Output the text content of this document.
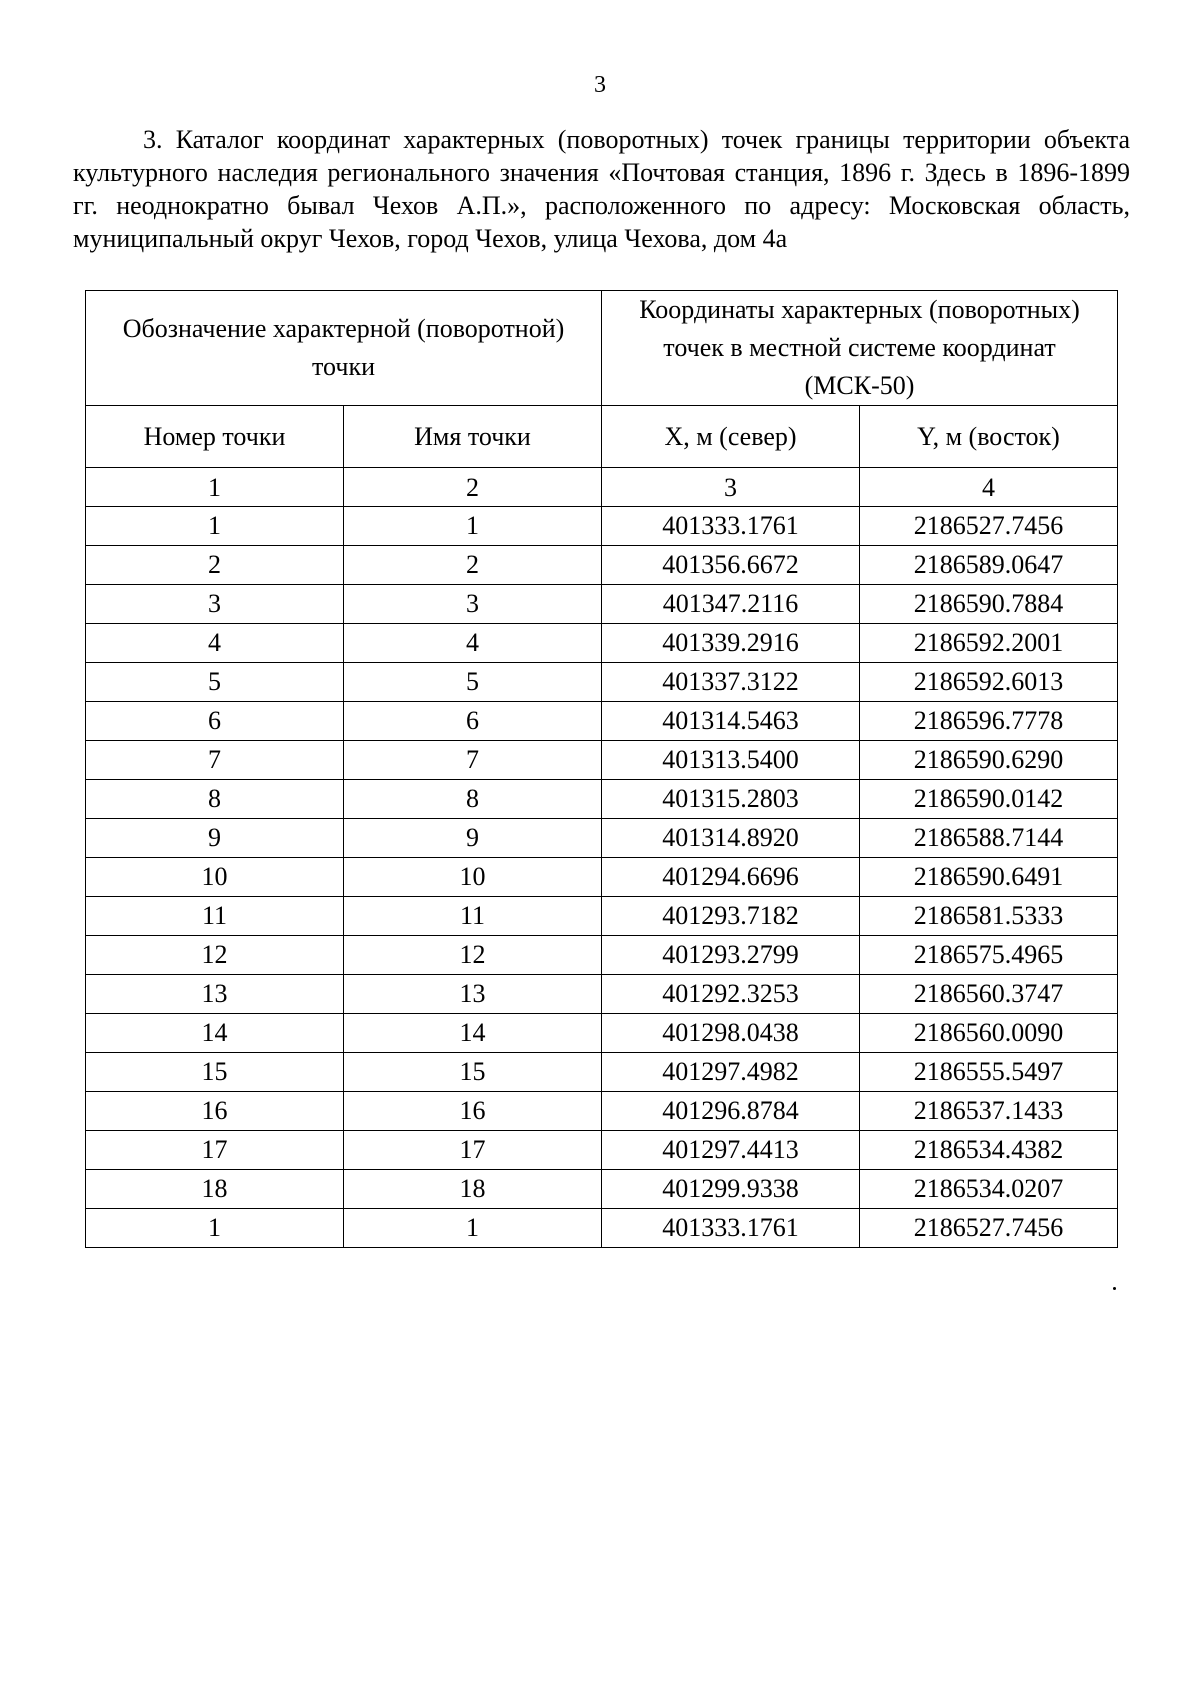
3

3. Каталог координат характерных (поворотных) точек границы территории объекта культурного наследия регионального значения «Почтовая станция, 1896 г. Здесь в 1896-1899 гг. неоднократно бывал Чехов А.П.», расположенного по адресу: Московская область, муниципальный округ Чехов, город Чехов, улица Чехова, дом 4а

Обозначение характерной (поворотной) точки		Координаты характерных (поворотных) точек в местной системе координат (МСК-50)	
Номер точки	Имя точки	X, м (север)	Y, м (восток)
1	2	3	4
1	1	401333.1761	2186527.7456
2	2	401356.6672	2186589.0647
3	3	401347.2116	2186590.7884
4	4	401339.2916	2186592.2001
5	5	401337.3122	2186592.6013
6	6	401314.5463	2186596.7778
7	7	401313.5400	2186590.6290
8	8	401315.2803	2186590.0142
9	9	401314.8920	2186588.7144
10	10	401294.6696	2186590.6491
11	11	401293.7182	2186581.5333
12	12	401293.2799	2186575.4965
13	13	401292.3253	2186560.3747
14	14	401298.0438	2186560.0090
15	15	401297.4982	2186555.5497
16	16	401296.8784	2186537.1433
17	17	401297.4413	2186534.4382
18	18	401299.9338	2186534.0207
1	1	401333.1761	2186527.7456
